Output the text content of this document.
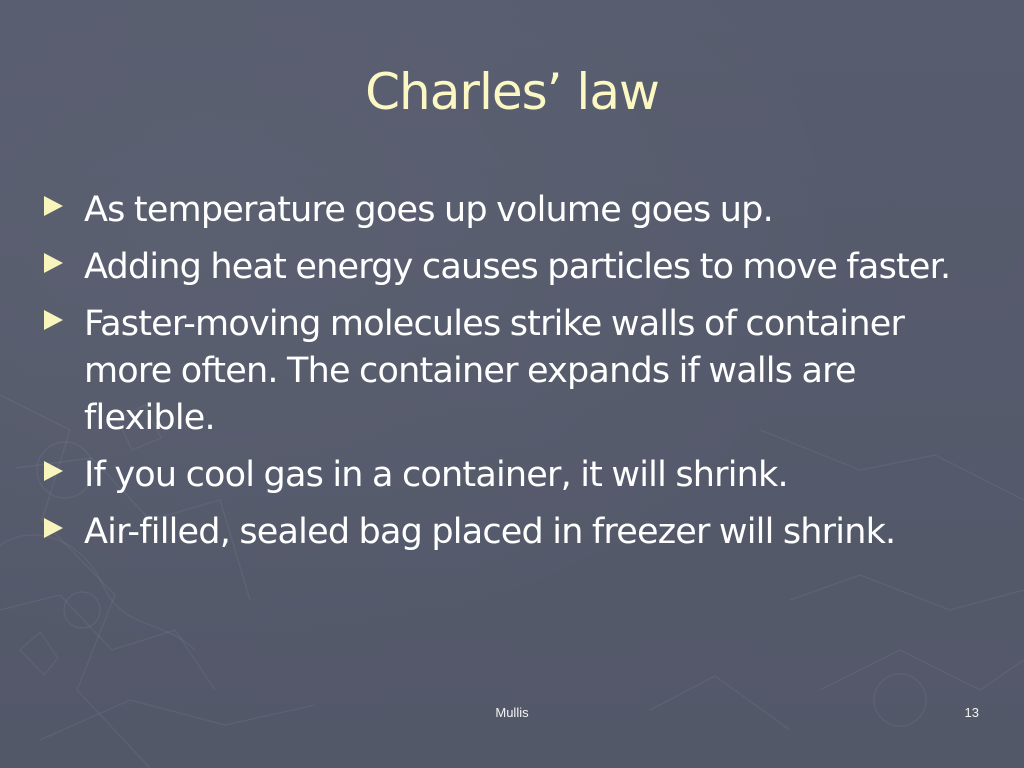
Charles’ law
As temperature goes up volume goes up.
Adding heat energy causes particles to move faster.
Faster-moving molecules strike walls of container more often. The container expands if walls are flexible.
If you cool gas in a container, it will shrink.
Air-filled, sealed bag placed in freezer will shrink.
Mullis	13
